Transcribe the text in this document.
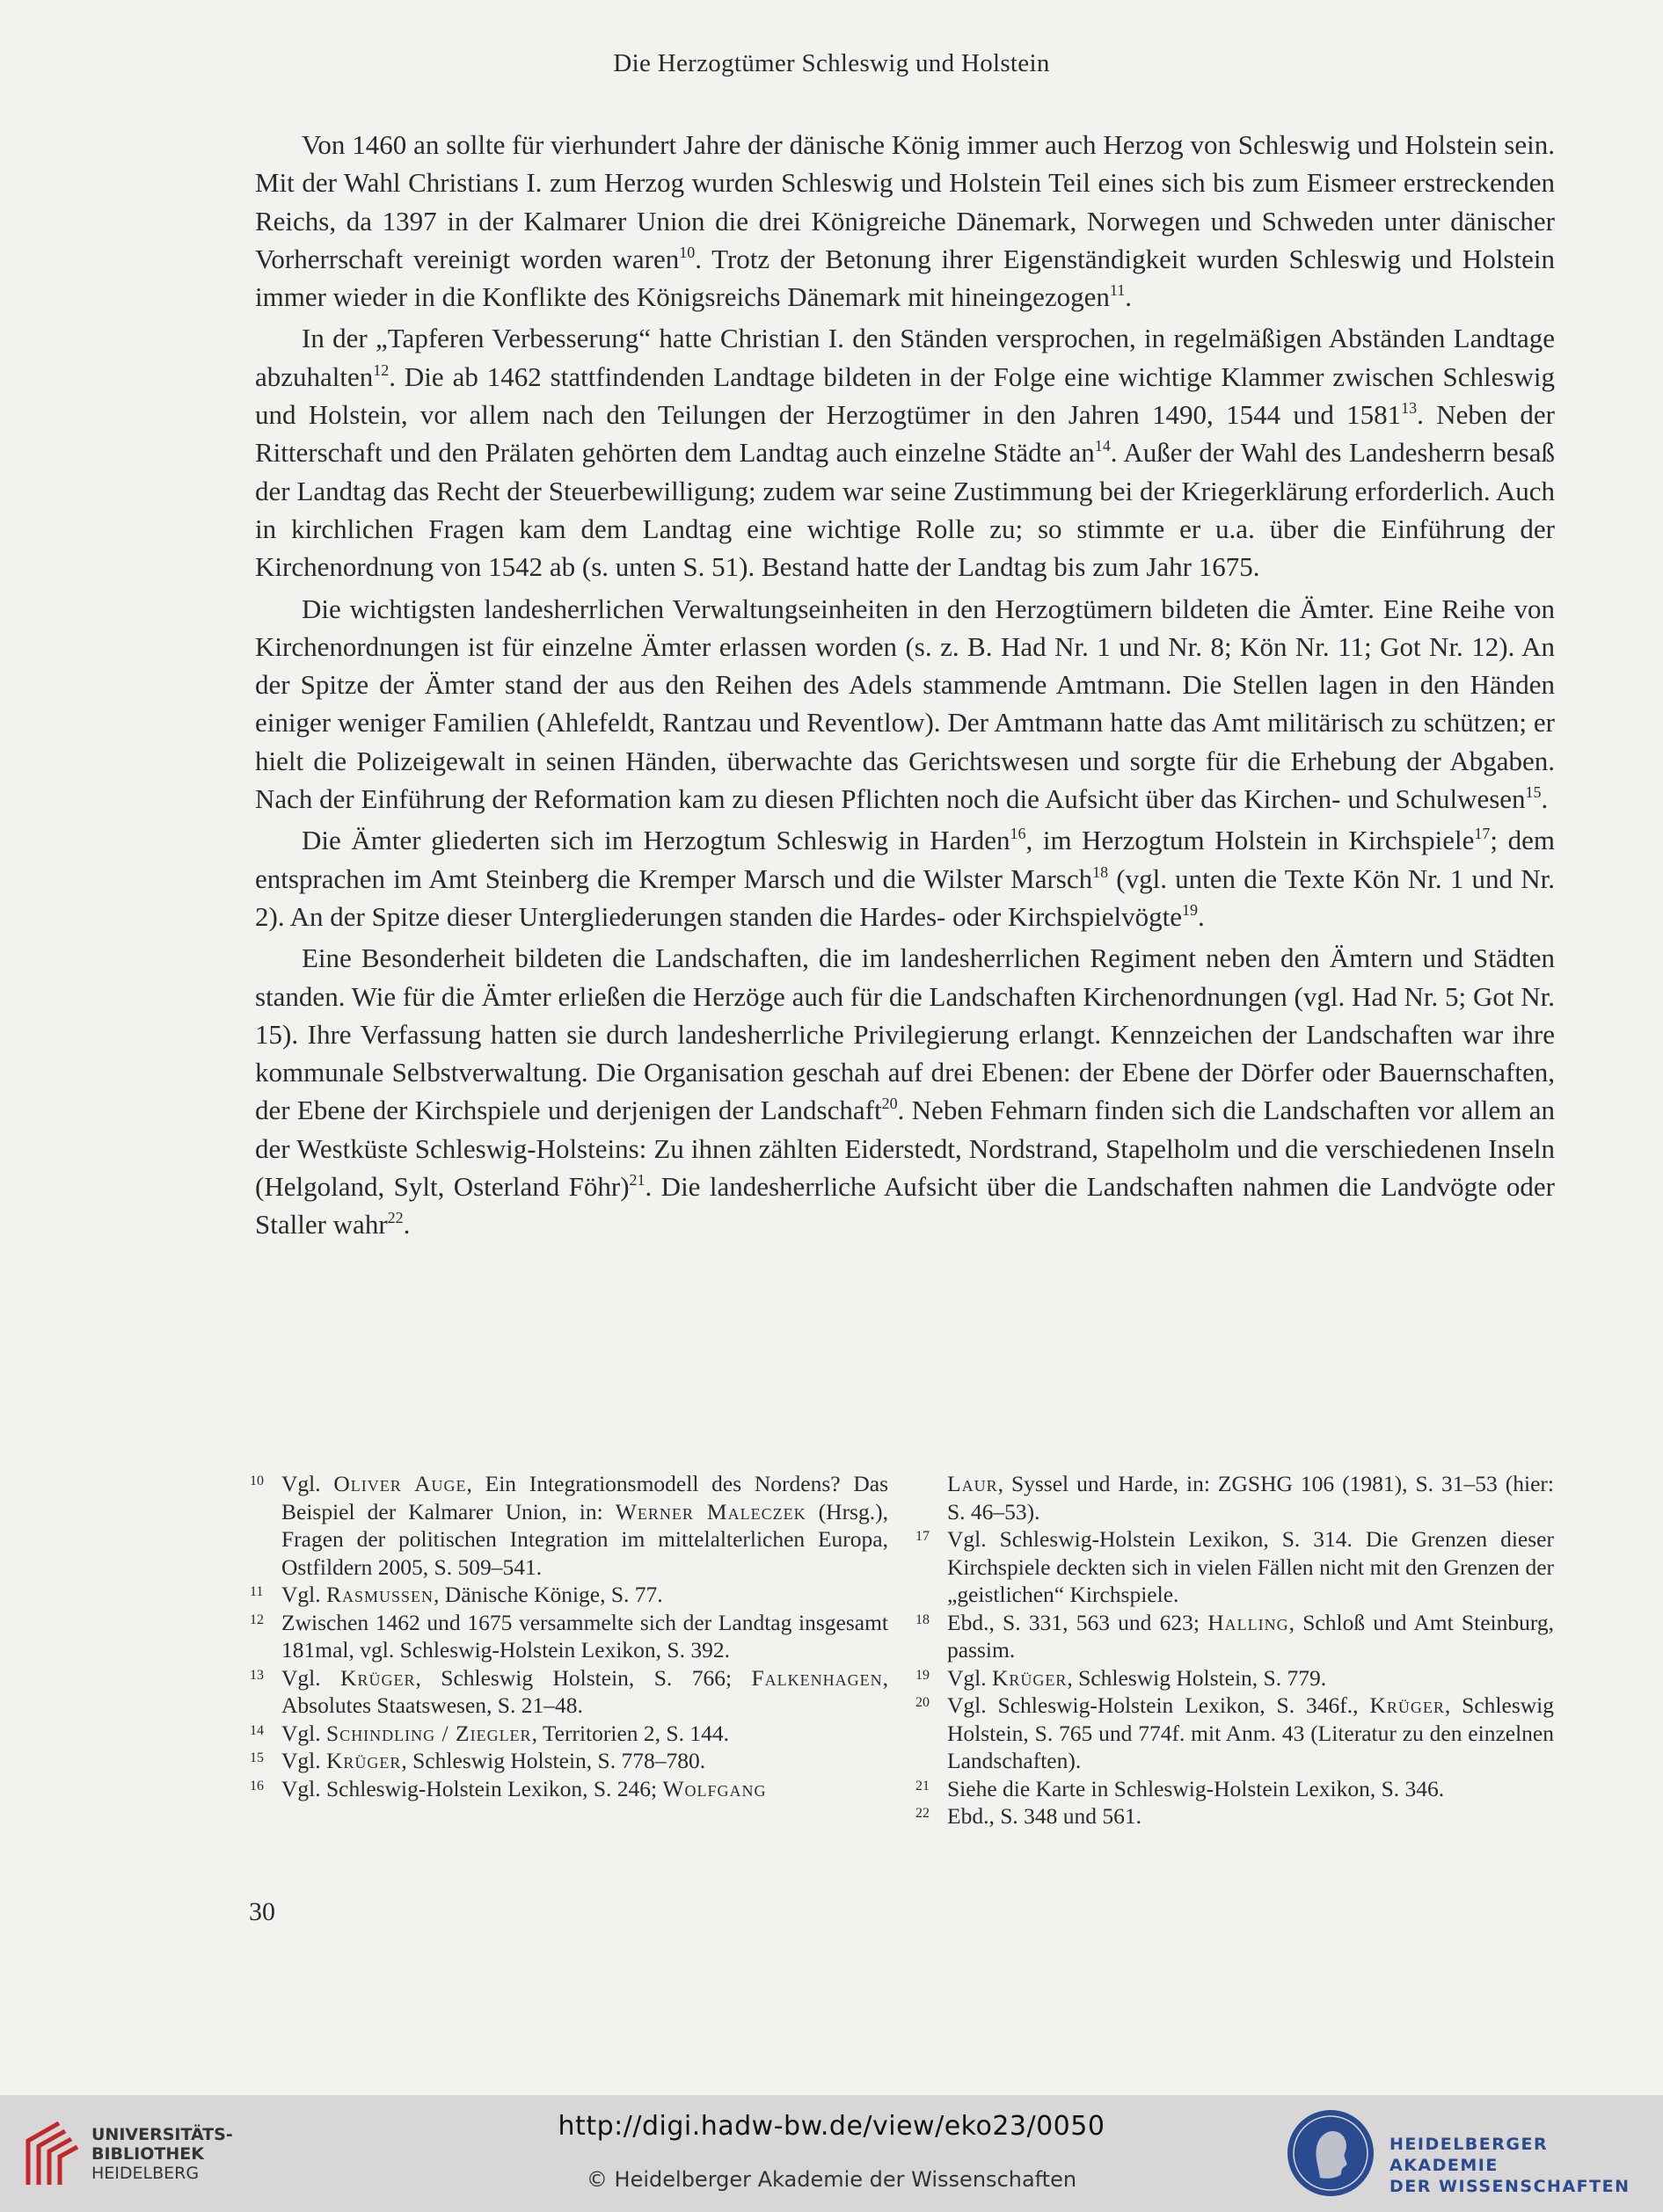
Die Herzogtümer Schleswig und Holstein

Von 1460 an sollte für vierhundert Jahre der dänische König immer auch Herzog von Schleswig und Holstein sein. Mit der Wahl Christians I. zum Herzog wurden Schleswig und Holstein Teil eines sich bis zum Eismeer erstreckenden Reichs, da 1397 in der Kalmarer Union die drei Königreiche Dänemark, Norwegen und Schweden unter dänischer Vorherrschaft vereinigt worden waren$^{10}$. Trotz der Betonung ihrer Eigenständigkeit wurden Schleswig und Holstein immer wieder in die Konflikte des Königsreichs Dänemark mit hineingezogen$^{11}$.

In der „Tapferen Verbesserung“ hatte Christian I. den Ständen versprochen, in regelmäßigen Abständen Landtage abzuhalten$^{12}$. Die ab 1462 stattfindenden Landtage bildeten in der Folge eine wichtige Klammer zwischen Schleswig und Holstein, vor allem nach den Teilungen der Herzogtümer in den Jahren 1490, 1544 und 1581$^{13}$. Neben der Ritterschaft und den Prälaten gehörten dem Landtag auch einzelne Städte $an^{14}$. Außer der Wahl des Landesherrn besaß der Landtag das Recht der Steuerbewilligung; zudem war seine Zustimmung bei der Kriegerklärung erforderlich. Auch in kirchlichen Fragen kam dem Landtag eine wichtige Rolle zu; so stimmte er u.a. über die Einführung der Kirchenordnung von 1542 ab (s. unten S. 51). Bestand hatte der Landtag bis zum Jahr 1675.

Die wichtigsten landesherrlichen Verwaltungseinheiten in den Herzogtümern bildeten die Ämter. Eine Reihe von Kirchenordnungen ist für einzelne Ämter erlassen worden (s. z. B. Had Nr. 1 und Nr. 8; Kön Nr. 11; Got Nr. 12). An der Spitze der Ämter stand der aus den Reihen des Adels stammende Amtmann. Die Stellen lagen in den Händen einiger weniger Familien (Ahlefeldt, Rantzau und Reventlow). Der Amtmann hatte das Amt militärisch zu schützen; er hielt die Polizeigewalt in seinen Händen, überwachte das Gerichtswesen und sorgte für die Erhebung der Abgaben. Nach der Einführung der Reformation kam zu diesen Pflichten noch die Aufsicht über das Kirchen- und Schulwesen$^{15}$.

Die Ämter gliederten sich im Herzogtum Schleswig in Harden$^{16}$, im Herzogtum Holstein in Kirchspiele$^{17}$; dem entsprachen im Amt Steinberg die Kremper Marsch und die Wilster Marsch$^{18}$ (vgl. unten die Texte Kön Nr. 1 und Nr. 2). An der Spitze dieser Untergliederungen standen die Hardes- oder Kirchspielvögte$^{19}$.

Eine Besonderheit bildeten die Landschaften, die im landesherrlichen Regiment neben den Ämtern und Städten standen. Wie für die Ämter erließen die Herzöge auch für die Landschaften Kirchenordnungen (vgl. Had Nr. 5; Got Nr. 15). Ihre Verfassung hatten sie durch landesherrliche Privilegierung erlangt. Kennzeichen der Landschaften war ihre kommunale Selbstverwaltung. Die Organisation geschah auf drei Ebenen: der Ebene der Dörfer oder Bauernschaften, der Ebene der Kirchspiele und derjenigen der Landschaft$^{20}$. Neben Fehmarn finden sich die Landschaften vor allem an der Westküste Schleswig-Holsteins: Zu ihnen zählten Eiderstedt, Nordstrand, Stapelholm und die verschiedenen Inseln (Helgoland, Sylt, Osterland Föhr)$^{21}$. Die landesherrliche Aufsicht über die Landschaften nahmen die Landvögte oder Staller wahr$^{22}$.

10 Vgl. Oliver Auge, Ein Integrationsmodell des Nordens? Das Beispiel der Kalmarer Union, in: Werner Maleczek (Hrsg.), Fragen der politischen Integration im mittelalterlichen Europa, Ostfildern 2005, S. 509–541.
11 Vgl. Rasmussen, Dänische Könige, S. 77.
12 Zwischen 1462 und 1675 versammelte sich der Landtag insgesamt 181mal, vgl. Schleswig-Holstein Lexikon, S. 392.
13 Vgl. Krüger, Schleswig Holstein, S. 766; Falkenhagen, Absolutes Staatswesen, S. 21–48.
14 Vgl. Schindling / Ziegler, Territorien 2, S. 144.
15 Vgl. Krüger, Schleswig Holstein, S. 778–780.
16 Vgl. Schleswig-Holstein Lexikon, S. 246; Wolfgang
Laur, Syssel und Harde, in: ZGSHG 106 (1981), S. 31–53 (hier: S. 46–53).
17 Vgl. Schleswig-Holstein Lexikon, S. 314. Die Grenzen dieser Kirchspiele deckten sich in vielen Fällen nicht mit den Grenzen der „geistlichen“ Kirchspiele.
18 Ebd., S. 331, 563 und 623; Halling, Schloß und Amt Steinburg, passim.
19 Vgl. Krüger, Schleswig Holstein, S. 779.
20 Vgl. Schleswig-Holstein Lexikon, S. 346f., Krüger, Schleswig Holstein, S. 765 und 774f. mit Anm. 43 (Literatur zu den einzelnen Landschaften).
21 Siehe die Karte in Schleswig-Holstein Lexikon, S. 346.
22 Ebd., S. 348 und 561.
30
UNIVERSITÄTS-
BIBLIOTHEK
HEIDELBERG
http://digi.hadw-bw.de/view/eko23/0050
© Heidelberger Akademie der Wissenschaften
HEIDELBERGER AKADEMIE
DER WISSENSCHAFTEN
